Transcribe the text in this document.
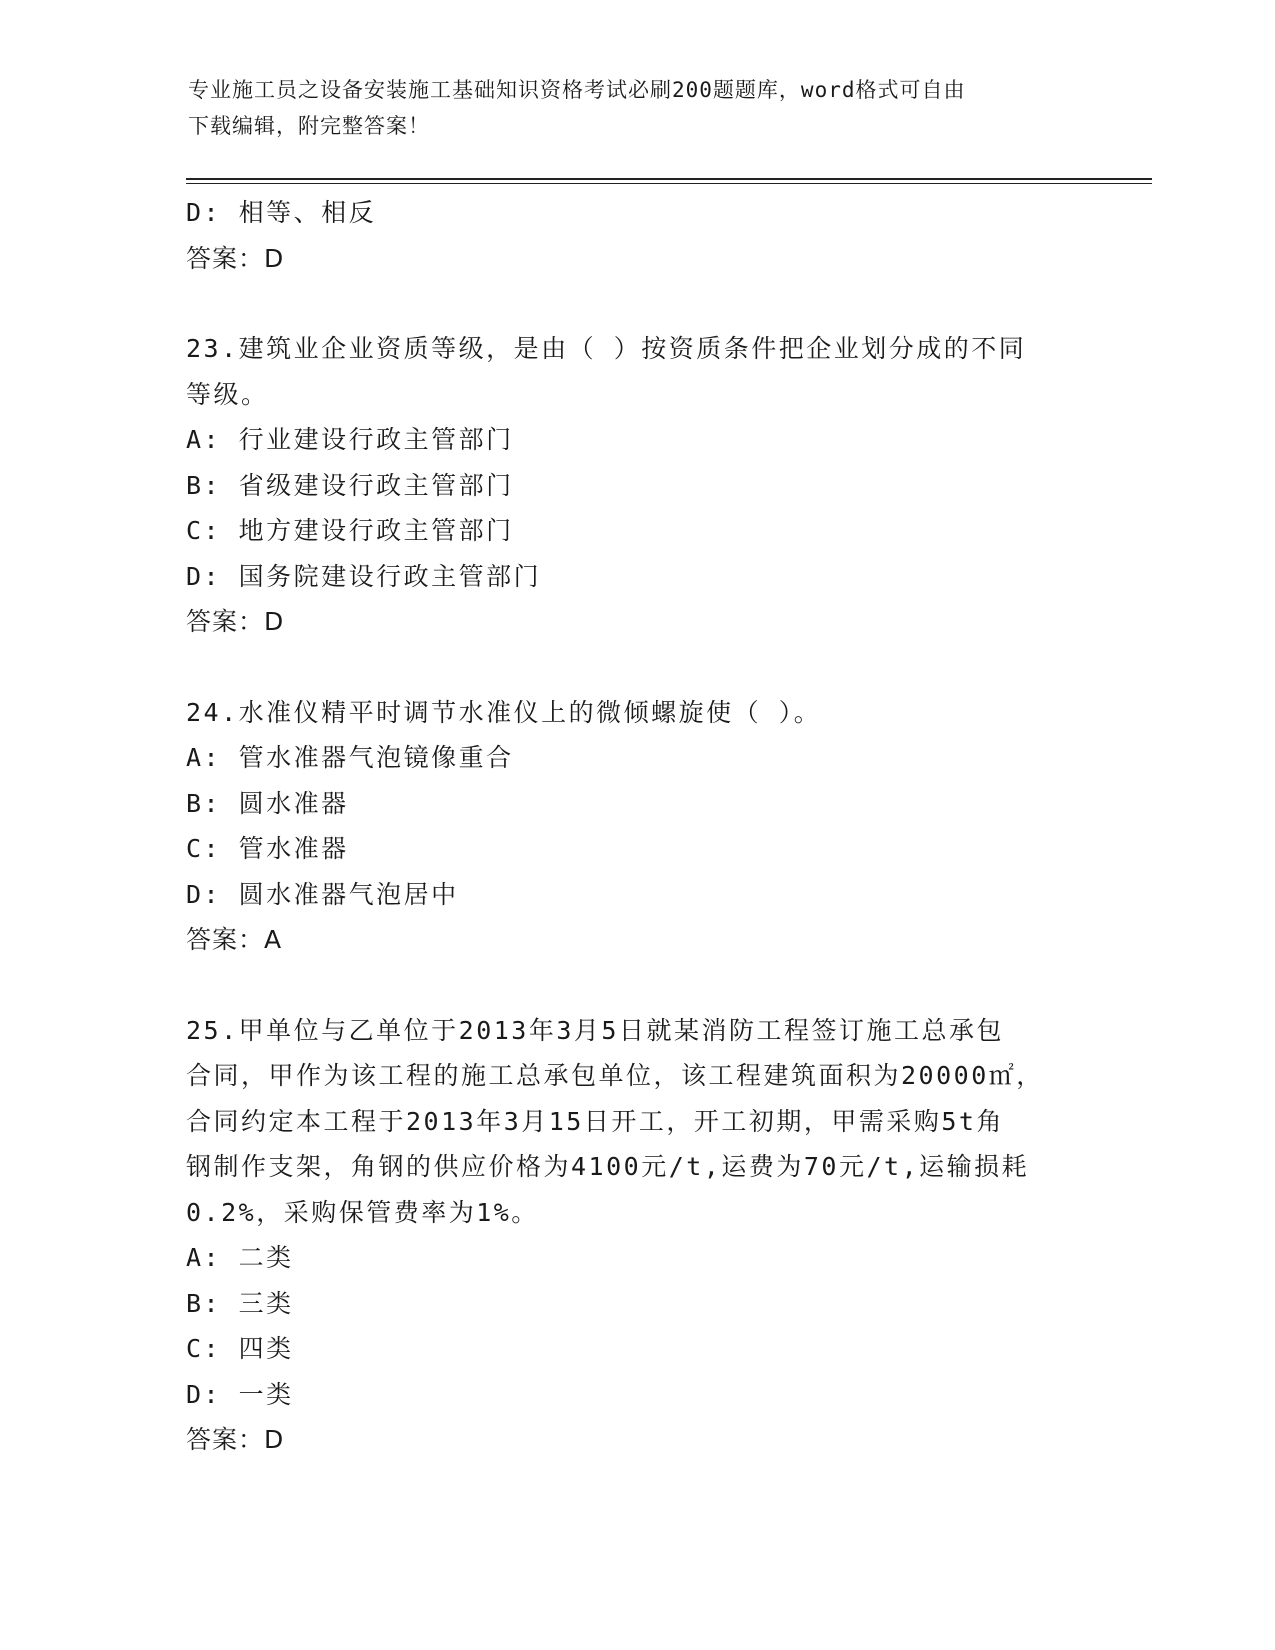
专业施工员之设备安装施工基础知识资格考试必刷200题题库，word格式可自由
下载编辑，附完整答案！
D: 相等、相反
答案：D
23.建筑业企业资质等级，是由（ ）按资质条件把企业划分成的不同
等级。
A: 行业建设行政主管部门
B: 省级建设行政主管部门
C: 地方建设行政主管部门
D: 国务院建设行政主管部门
答案：D
24.水准仪精平时调节水准仪上的微倾螺旋使（ ）。
A: 管水准器气泡镜像重合
B: 圆水准器
C: 管水准器
D: 圆水准器气泡居中
答案：A
25.甲单位与乙单位于2013年3月5日就某消防工程签订施工总承包
合同，甲作为该工程的施工总承包单位，该工程建筑面积为20000㎡，
合同约定本工程于2013年3月15日开工，开工初期，甲需采购5t角
钢制作支架，角钢的供应价格为4100元/t,运费为70元/t,运输损耗
0.2%，采购保管费率为1%。
A: 二类
B: 三类
C: 四类
D: 一类
答案：D
